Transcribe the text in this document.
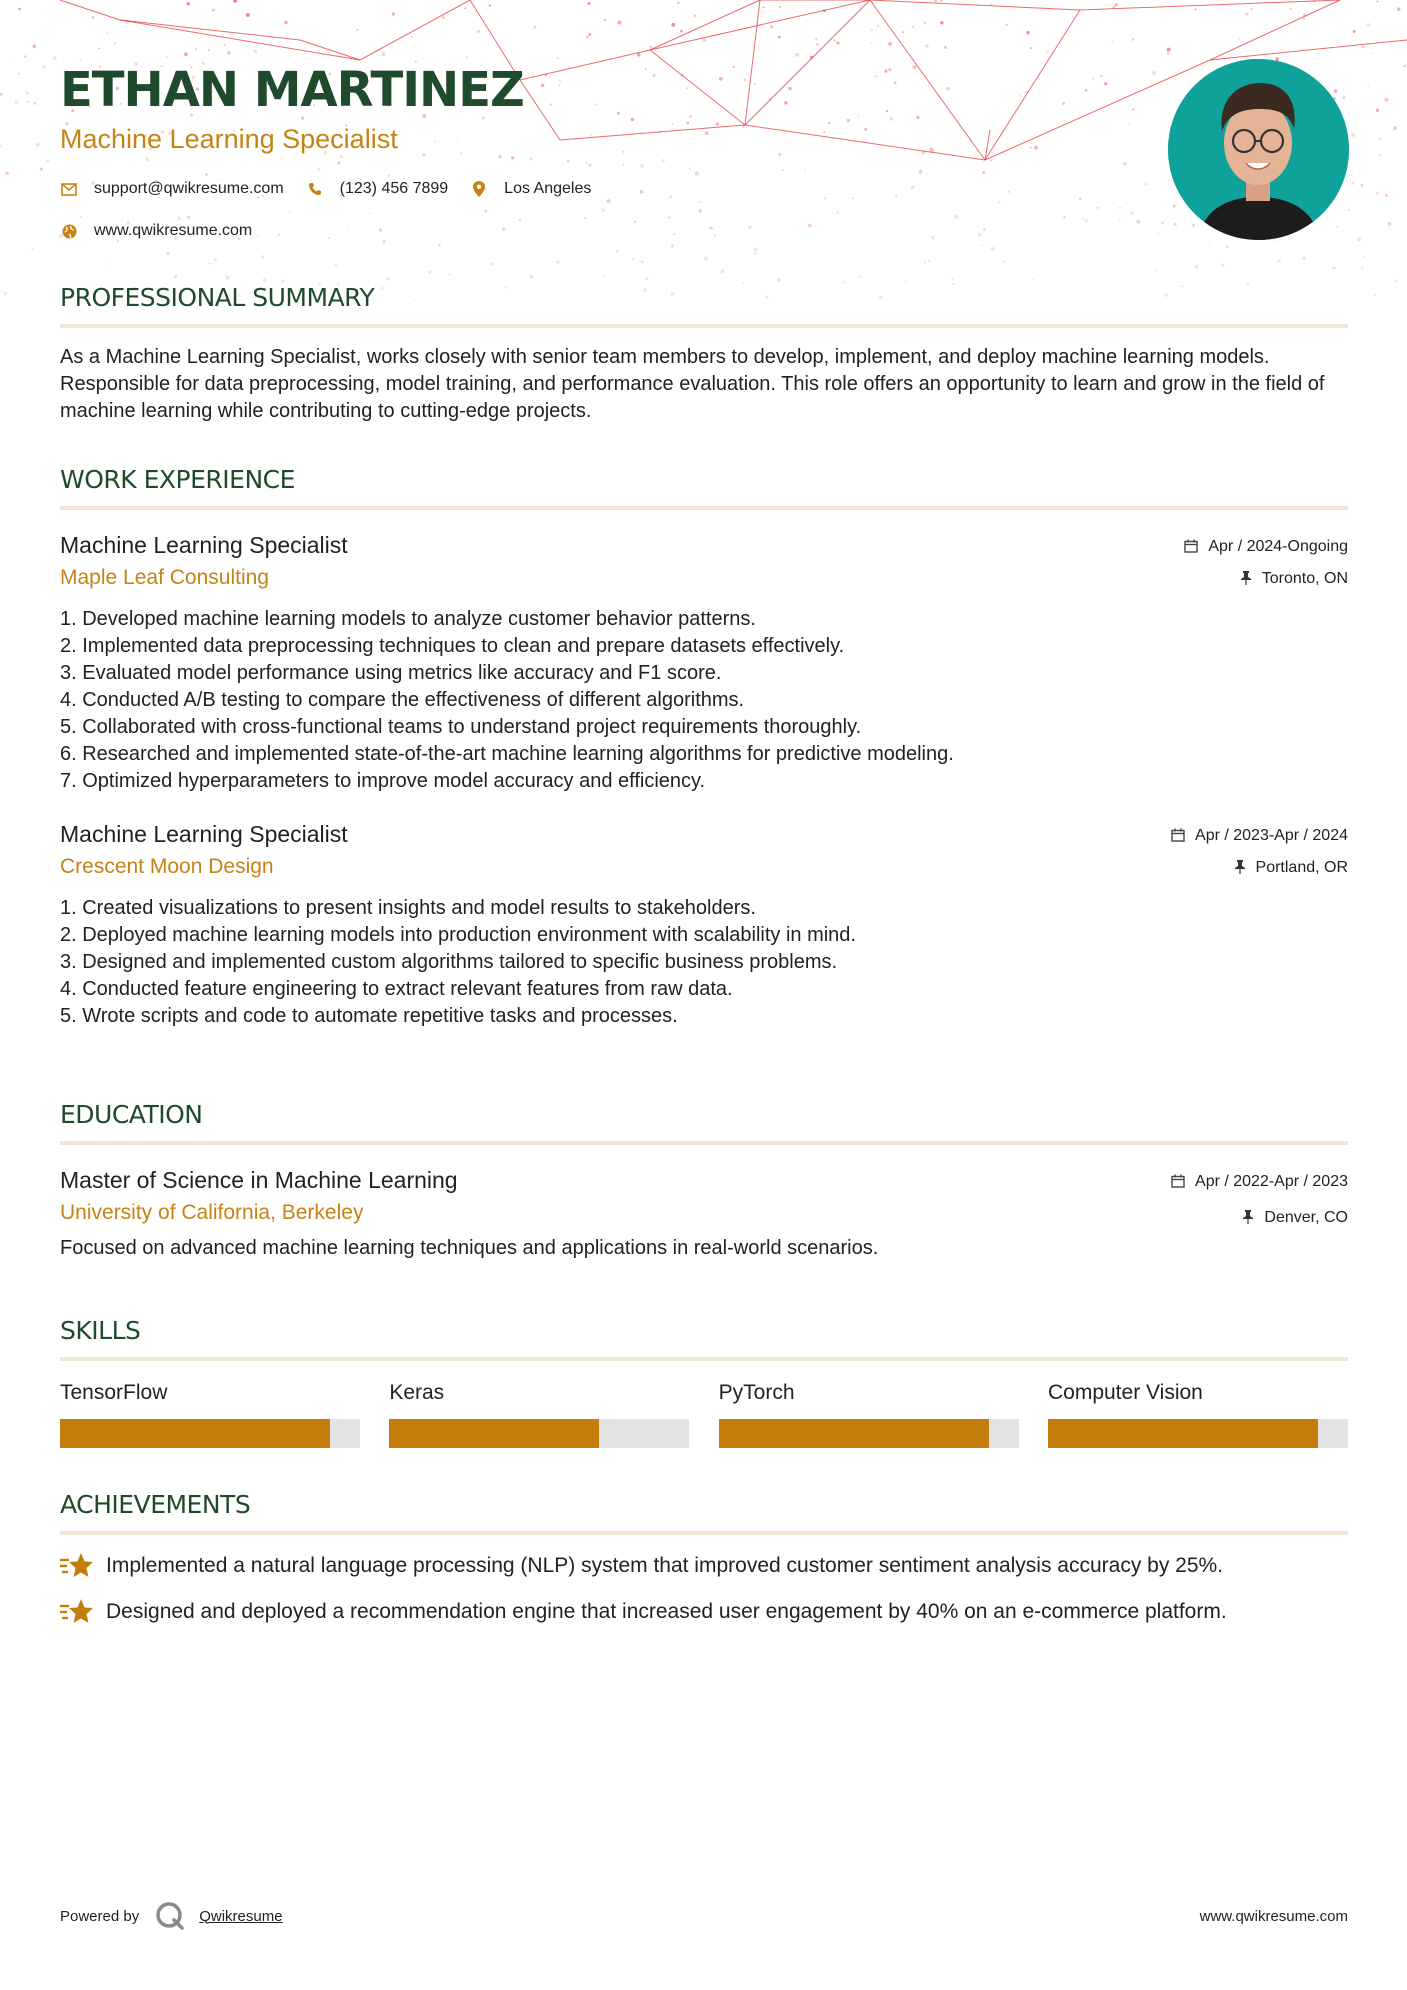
ETHAN MARTINEZ
Machine Learning Specialist
support@qwikresume.com	(123) 456 7899	Los Angeles
www.qwikresume.com
PROFESSIONAL SUMMARY
As a Machine Learning Specialist, works closely with senior team members to develop, implement, and deploy machine learning models. Responsible for data preprocessing, model training, and performance evaluation. This role offers an opportunity to learn and grow in the field of machine learning while contributing to cutting-edge projects.
WORK EXPERIENCE
Machine Learning Specialist
Maple Leaf Consulting
Apr / 2024-Ongoing
Toronto, ON
1. Developed machine learning models to analyze customer behavior patterns.
2. Implemented data preprocessing techniques to clean and prepare datasets effectively.
3. Evaluated model performance using metrics like accuracy and F1 score.
4. Conducted A/B testing to compare the effectiveness of different algorithms.
5. Collaborated with cross-functional teams to understand project requirements thoroughly.
6. Researched and implemented state-of-the-art machine learning algorithms for predictive modeling.
7. Optimized hyperparameters to improve model accuracy and efficiency.
Machine Learning Specialist
Crescent Moon Design
Apr / 2023-Apr / 2024
Portland, OR
1. Created visualizations to present insights and model results to stakeholders.
2. Deployed machine learning models into production environment with scalability in mind.
3. Designed and implemented custom algorithms tailored to specific business problems.
4. Conducted feature engineering to extract relevant features from raw data.
5. Wrote scripts and code to automate repetitive tasks and processes.
EDUCATION
Master of Science in Machine Learning
University of California, Berkeley
Apr / 2022-Apr / 2023
Denver, CO
Focused on advanced machine learning techniques and applications in real-world scenarios.
SKILLS
TensorFlow	Keras	PyTorch	Computer Vision
ACHIEVEMENTS
Implemented a natural language processing (NLP) system that improved customer sentiment analysis accuracy by 25%.
Designed and deployed a recommendation engine that increased user engagement by 40% on an e-commerce platform.
Powered by	Qwikresume	www.qwikresume.com
